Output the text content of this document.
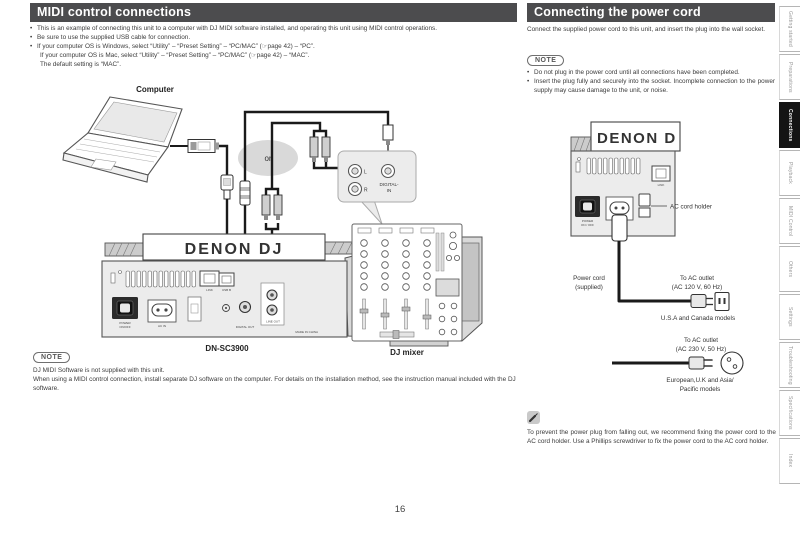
MIDI control connections
• This is an example of connecting this unit to a computer with DJ MIDI software installed, and operating this unit using MIDI control operations.
• Be sure to use the supplied USB cable for connection.
• If your computer OS is Windows, select “Utility” – “Preset Setting” – “PC/MAC” (☞page 42) – “PC”.
If your computer OS is Mac, select “Utility” – “Preset Setting” – “PC/MAC” (☞page 42) – “MAC”.
The default setting is “MAC”.
Computer
or
L
R
DIGITAL-
IN
DENON DJ
LINK	USB B
POWER
ON/OFF	AC IN	DIGITAL OUT
LINE OUT
MADE IN CHINA
DN-SC3900	DJ mixer
NOTE
DJ MIDI Software is not supplied with this unit.
When using a MIDI control connection, install separate DJ software on the computer. For details on the installation method, see the instruction manual included with the DJ software.
Connecting the power cord
Connect the supplied power cord to this unit, and insert the plug into the wall socket.
NOTE
• Do not plug in the power cord until all connections have been completed.
• Insert the plug fully and securely into the socket. Incomplete connection to the power supply may cause damage to the unit, or noise.
DENON D
LINK
POWER
ON / OFF
AC cord holder
Power cord
(supplied)
To AC outlet
(AC 120 V, 60 Hz)
U.S.A and Canada models
To AC outlet
(AC 230 V, 50 Hz)
European,U.K and Asia/
Pacific models
To prevent the power plug from falling out, we recommend fixing the power cord to the AC cord holder. Use a Phillips screwdriver to fix the power cord to the AC cord holder.
Getting started
Preparations
Connections
Playback
MIDI Control
Others
Settings
Troubleshooting
Specifications
Index
16
